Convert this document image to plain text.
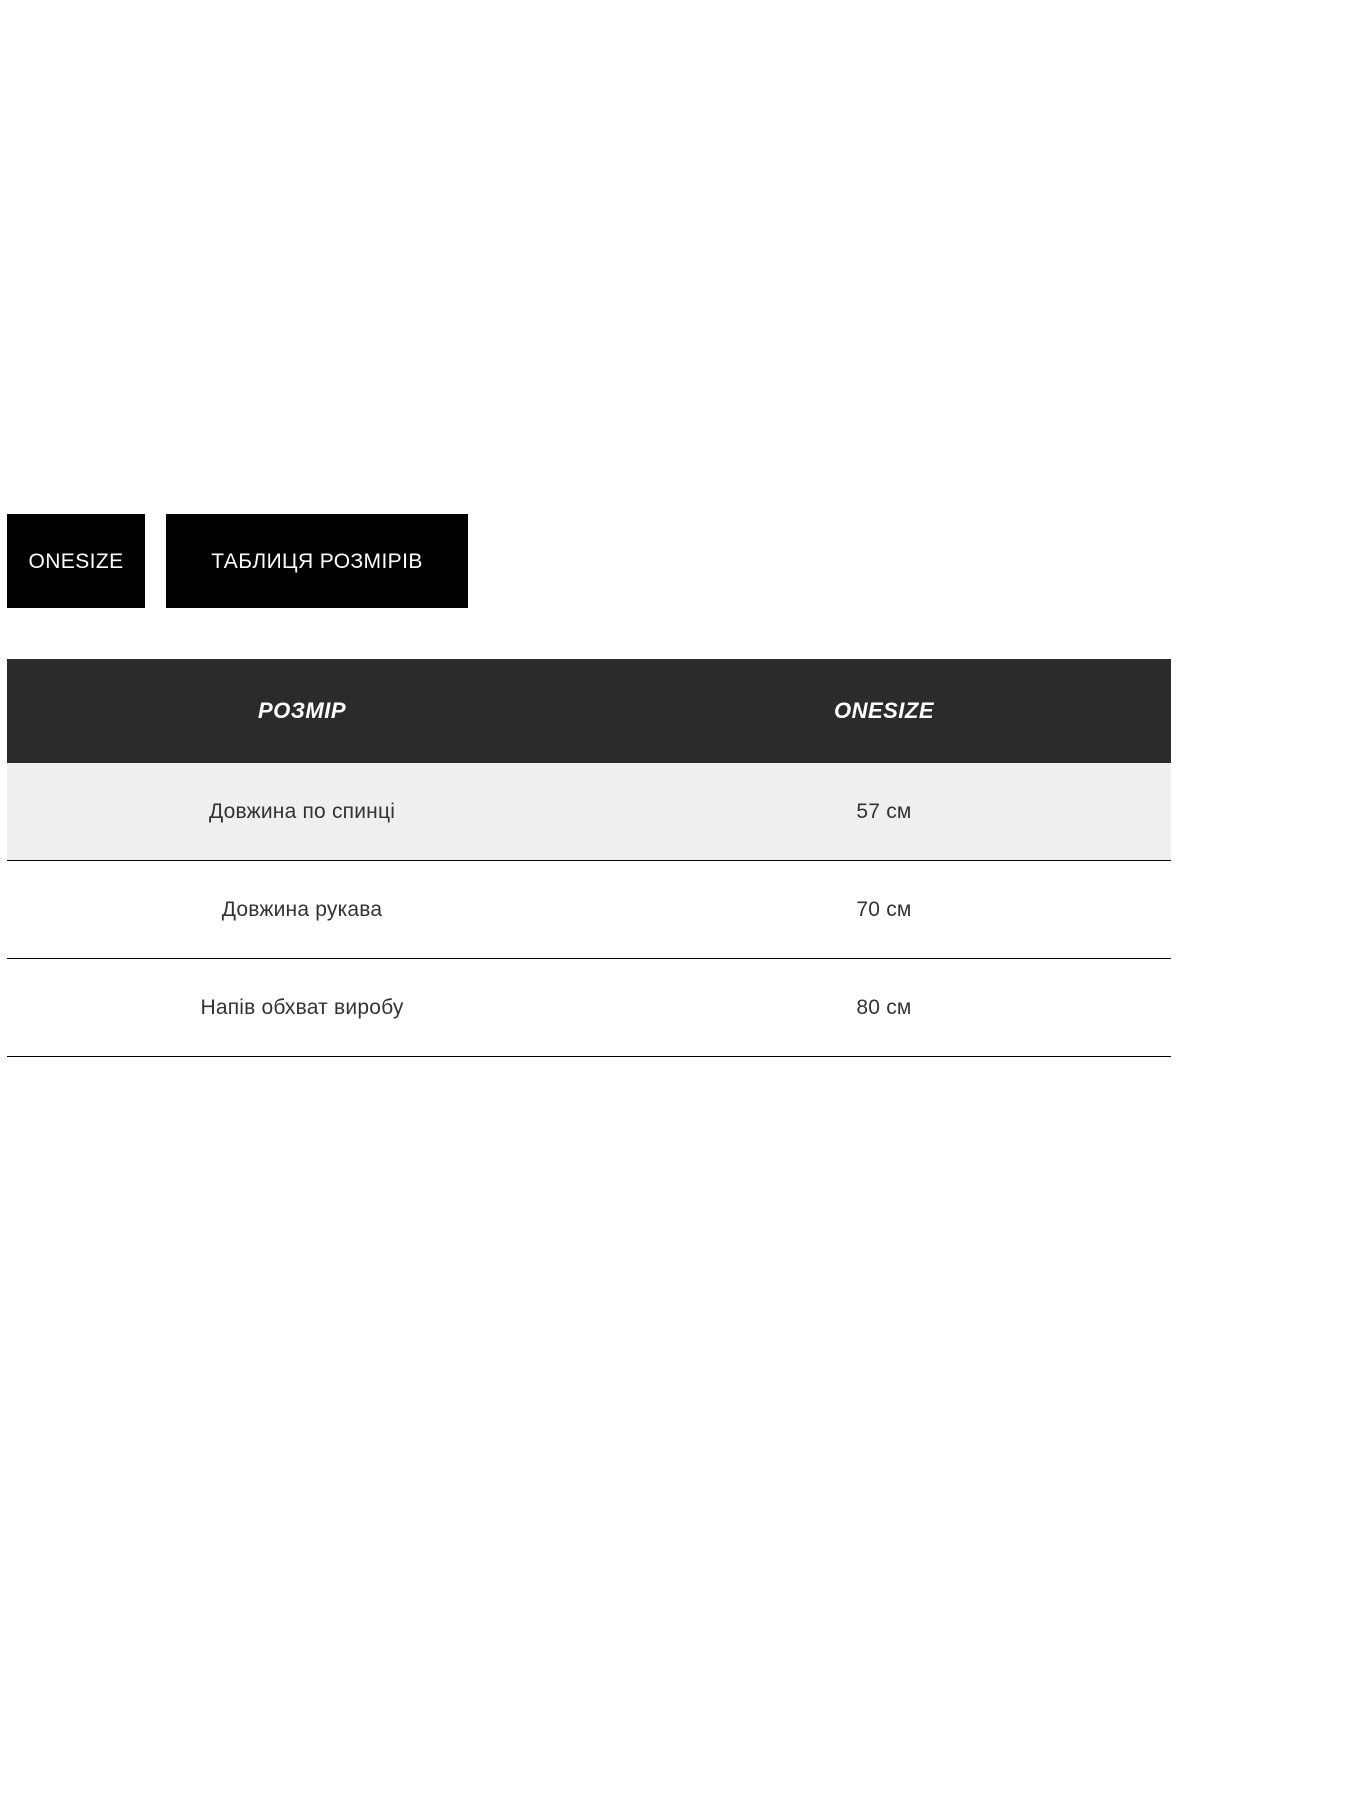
ONESIZE	ТАБЛИЦЯ РОЗМІРІВ
РОЗМІР	ONESIZE
Довжина по спинці	57 см
Довжина рукава	70 см
Напів обхват виробу	80 см
